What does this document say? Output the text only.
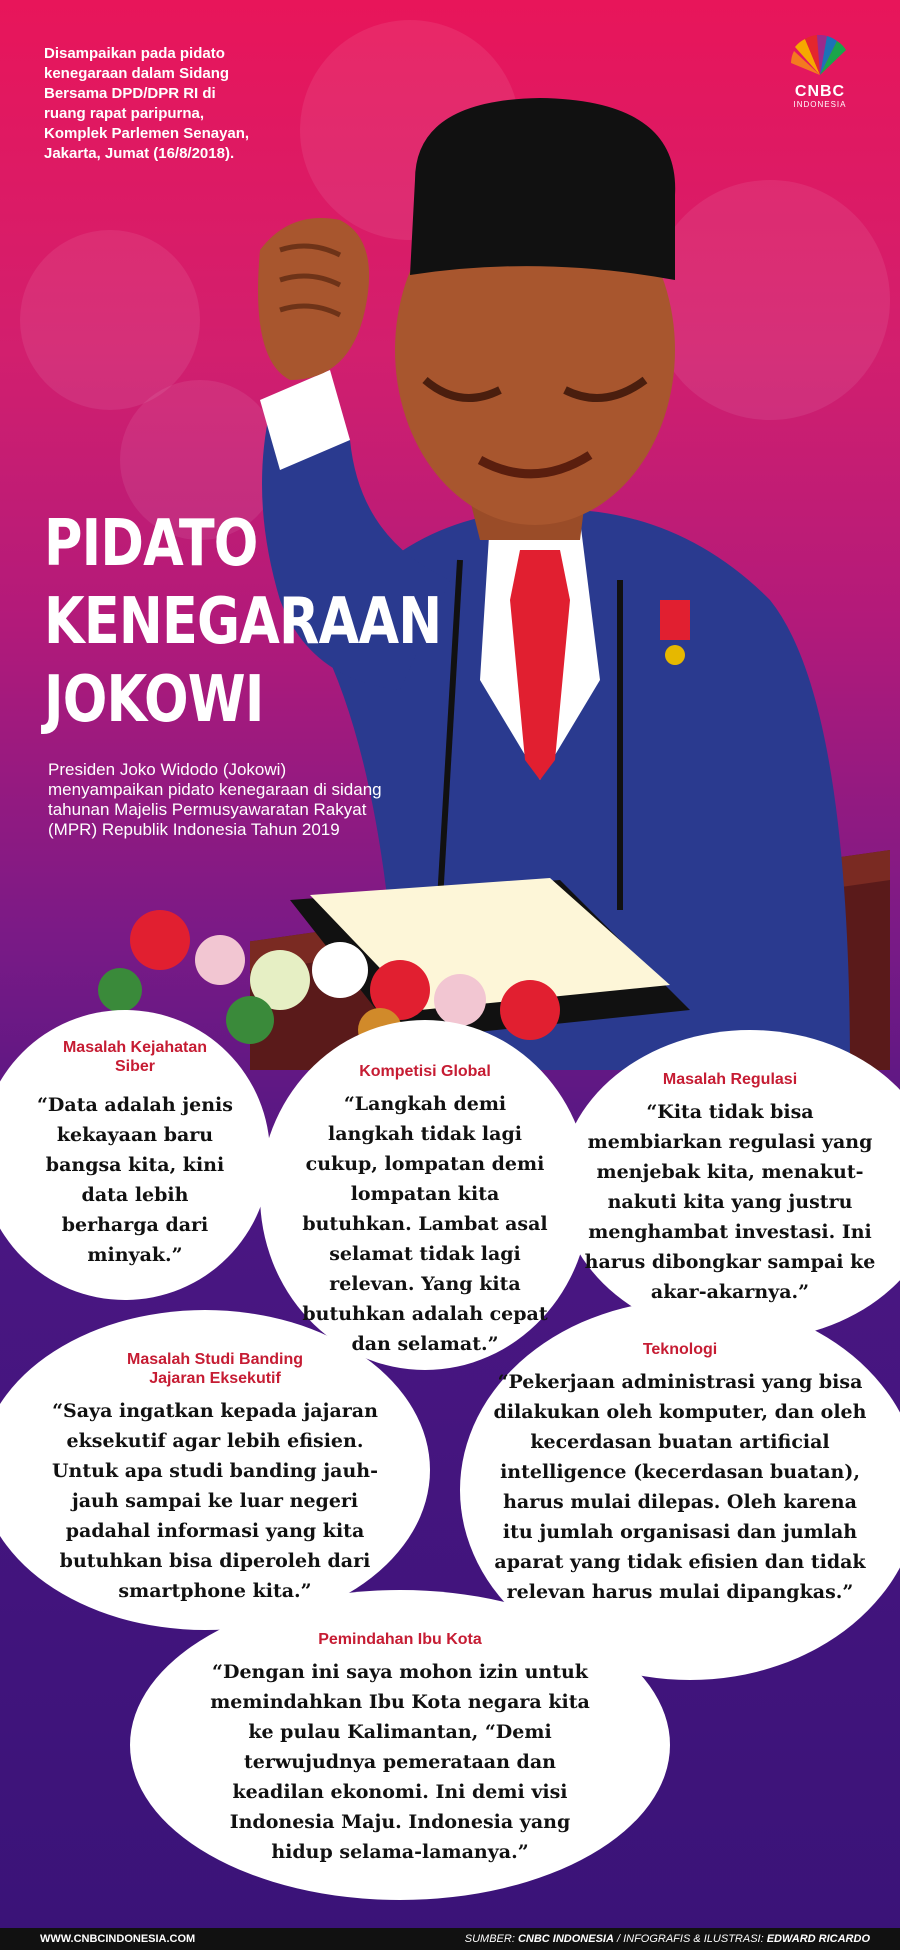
Disampaikan pada pidato kenegaraan dalam Sidang Bersama DPD/DPR RI di ruang rapat paripurna, Komplek Parlemen Senayan, Jakarta, Jumat (16/8/2018).
CNBC
INDONESIA
PIDATO
KENEGARAAN
JOKOWI
Presiden Joko Widodo (Jokowi) menyampaikan pidato kenegaraan di sidang tahunan Majelis Permusyawaratan Rakyat (MPR) Republik Indonesia Tahun 2019
Masalah Kejahatan Siber
“Data adalah jenis kekayaan baru bangsa kita, kini data lebih berharga dari minyak.”
Kompetisi Global
“Langkah demi langkah tidak lagi cukup, lompatan demi lompatan kita butuhkan. Lambat asal selamat tidak lagi relevan. Yang kita butuhkan adalah cepat dan selamat.”
Masalah Regulasi
“Kita tidak bisa membiarkan regulasi yang menjebak kita, menakut-nakuti kita yang justru menghambat investasi. Ini harus dibongkar sampai ke akar-akarnya.”
Masalah Studi Banding Jajaran Eksekutif
“Saya ingatkan kepada jajaran eksekutif agar lebih efisien. Untuk apa studi banding jauh-jauh sampai ke luar negeri padahal informasi yang kita butuhkan bisa diperoleh dari smartphone kita.”
Teknologi
“Pekerjaan administrasi yang bisa dilakukan oleh komputer, dan oleh kecerdasan buatan artificial intelligence (kecerdasan buatan), harus mulai dilepas. Oleh karena itu jumlah organisasi dan jumlah aparat yang tidak efisien dan tidak relevan harus mulai dipangkas.”
Pemindahan Ibu Kota
“Dengan ini saya mohon izin untuk memindahkan Ibu Kota negara kita ke pulau Kalimantan, “Demi terwujudnya pemerataan dan keadilan ekonomi. Ini demi visi Indonesia Maju. Indonesia yang hidup selama-lamanya.”
WWW.CNBCINDONESIA.COM	SUMBER: CNBC INDONESIA / INFOGRAFIS & ILUSTRASI: EDWARD RICARDO
